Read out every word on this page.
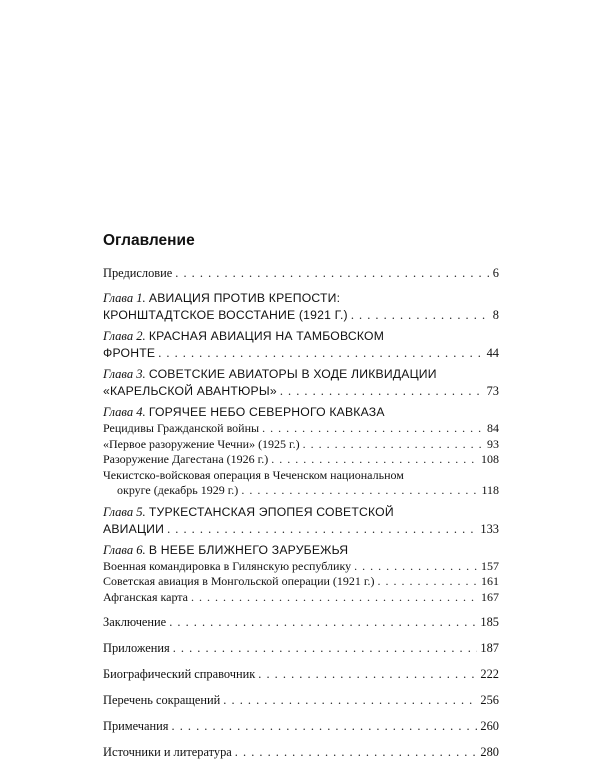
Оглавление
Предисловие . . .	6
Глава 1. АВИАЦИЯ ПРОТИВ КРЕПОСТИ:
КРОНШТАДТСКОЕ ВОССТАНИЕ (1921 Г.) . . .	8
Глава 2. КРАСНАЯ АВИАЦИЯ НА ТАМБОВСКОМ
ФРОНТЕ . . .	44
Глава 3. СОВЕТСКИЕ АВИАТОРЫ В ХОДЕ ЛИКВИДАЦИИ
«КАРЕЛЬСКОЙ АВАНТЮРЫ» . . .	73
Глава 4. ГОРЯЧЕЕ НЕБО СЕВЕРНОГО КАВКАЗА
Рецидивы Гражданской войны . . .	84
«Первое разоружение Чечни» (1925 г.) . . .	93
Разоружение Дагестана (1926 г.) . . .	108
Чекистско-войсковая операция в Чеченском национальном
округе (декабрь 1929 г.) . . .	118
Глава 5. ТУРКЕСТАНСКАЯ ЭПОПЕЯ СОВЕТСКОЙ
АВИАЦИИ . . .	133
Глава 6. В НЕБЕ БЛИЖНЕГО ЗАРУБЕЖЬЯ
Военная командировка в Гилянскую республику . . .	157
Советская авиация в Монгольской операции (1921 г.) . . .	161
Афганская карта . . .	167
Заключение . . .	185
Приложения . . .	187
Биографический справочник . . .	222
Перечень сокращений . . .	256
Примечания . . .	260
Источники и литература . . .	280
